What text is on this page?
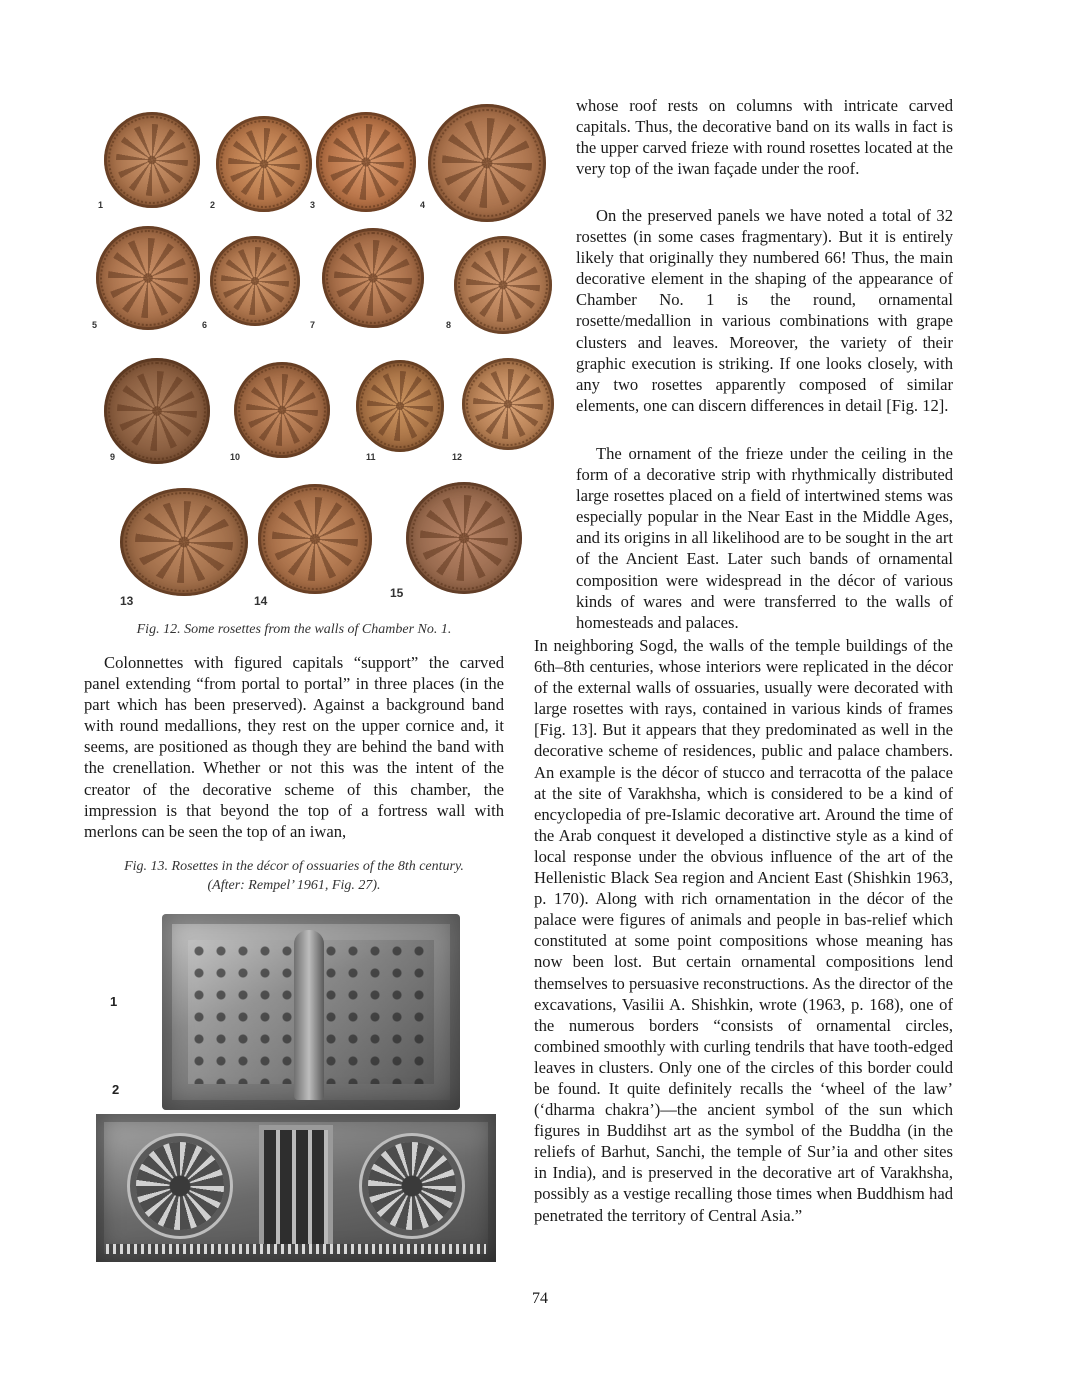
1	2	3	4
5	6	7	8
9	10	11	12
13	14
15

Fig. 12. Some rosettes from the walls of Chamber No. 1.

Colonnettes with figured capitals “support” the carved panel extending “from portal to portal” in three places (in the part which has been preserved). Against a background band with round medallions, they rest on the upper cornice and, it seems, are positioned as though they are behind the band with the crenellation. Whether or not this was the intent of the creator of the decorative scheme of this chamber, the impression is that beyond the top of a fortress wall with merlons can be seen the top of an iwan,

Fig. 13. Rosettes in the décor of ossuaries of the 8th century.
(After: Rempel’ 1961, Fig. 27).

1
2

whose roof rests on columns with intricate carved capitals. Thus, the decorative band on its walls in fact is the upper carved frieze with round rosettes located at the very top of the iwan façade under the roof.

On the preserved panels we have noted a total of 32 rosettes (in some cases fragmentary). But it is entirely likely that originally they numbered 66! Thus, the main decorative element in the shaping of the appearance of Chamber No. 1 is the round, ornamental rosette/medallion in various combinations with grape clusters and leaves. Moreover, the variety of their graphic execution is striking. If one looks closely, with any two rosettes apparently composed of similar elements, one can discern differences in detail [Fig. 12].

The ornament of the frieze under the ceiling in the form of a decorative strip with rhythmically distributed large rosettes placed on a field of intertwined stems was especially popular in the Near East in the Middle Ages, and its origins in all likelihood are to be sought in the art of the Ancient East. Later such bands of ornamental composition were widespread in the décor of various kinds of wares and were transferred to the walls of homesteads and palaces.

In neighboring Sogd, the walls of the temple buildings of the 6th–8th centuries, whose interiors were replicated in the décor of the external walls of ossuaries, usually were decorated with large rosettes with rays, contained in various kinds of frames [Fig. 13]. But it appears that they predominated as well in the decorative scheme of residences, public and palace chambers. An example is the décor of stucco and terracotta of the palace at the site of Varakhsha, which is considered to be a kind of encyclopedia of pre-Islamic decorative art. Around the time of the Arab conquest it developed a distinctive style as a kind of local response under the obvious influence of the art of the Hellenistic Black Sea region and Ancient East (Shishkin 1963, p. 170). Along with rich ornamentation in the décor of the palace were figures of animals and people in bas-relief which constituted at some point compositions whose meaning has now been lost. But certain ornamental compositions lend themselves to persuasive reconstructions. As the director of the excavations, Vasilii A. Shishkin, wrote (1963, p. 168), one of the numerous borders “consists of ornamental circles, combined smoothly with curling tendrils that have tooth-edged leaves in clusters. Only one of the circles of this border could be found. It quite definitely recalls the ‘wheel of the law’ (‘dharma chakra’)—the ancient symbol of the sun which figures in Buddihst art as the symbol of the Buddha (in the reliefs of Barhut, Sanchi, the temple of Sur’ia and other sites in India), and is preserved in the decorative art of Varakhsha, possibly as a vestige recalling those times when Buddhism had penetrated the territory of Central Asia.”

74
